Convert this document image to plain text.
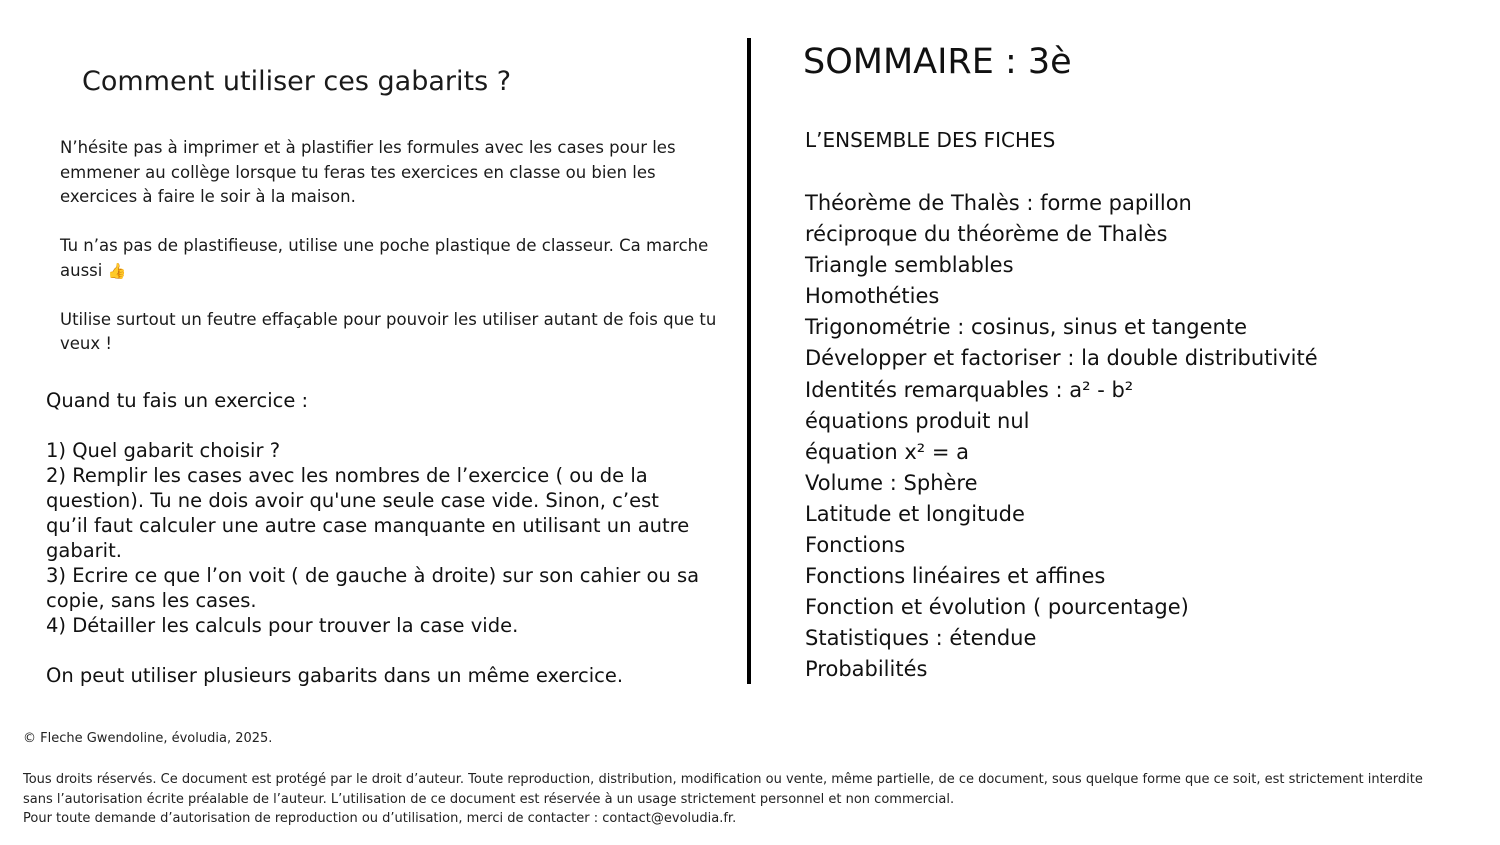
Comment utiliser ces gabarits ?

N’hésite pas à imprimer et à plastifier les formules avec les cases pour les emmener au collège lorsque tu feras tes exercices en classe ou bien les exercices à faire le soir à la maison.

Tu n’as pas de plastifieuse, utilise une poche plastique de classeur. Ca marche aussi 👍

Utilise surtout un feutre effaçable pour pouvoir les utiliser autant de fois que tu veux !

Quand tu fais un exercice :

1) Quel gabarit choisir ?

2) Remplir les cases avec les nombres de l’exercice ( ou de la question). Tu ne dois avoir qu'une seule case vide. Sinon, c’est qu’il faut calculer une autre case manquante en utilisant un autre gabarit.

3) Ecrire ce que l’on voit ( de gauche à droite) sur son cahier ou sa copie, sans les cases.

4) Détailler les calculs pour trouver la case vide.

On peut utiliser plusieurs gabarits dans un même exercice.

SOMMAIRE : 3è
L’ENSEMBLE DES FICHES
Théorème de Thalès : forme papillon
réciproque du théorème de Thalès
Triangle semblables
Homothéties
Trigonométrie : cosinus, sinus et tangente
Développer et factoriser : la double distributivité
Identités remarquables : a² - b²
équations produit nul
équation x² = a
Volume : Sphère
Latitude et longitude
Fonctions
Fonctions linéaires et affines
Fonction et évolution ( pourcentage)
Statistiques : étendue
Probabilités
© Fleche Gwendoline, évoludia, 2025.

Tous droits réservés. Ce document est protégé par le droit d’auteur. Toute reproduction, distribution, modification ou vente, même partielle, de ce document, sous quelque forme que ce soit, est strictement interdite sans l’autorisation écrite préalable de l’auteur. L’utilisation de ce document est réservée à un usage strictement personnel et non commercial.

Pour toute demande d’autorisation de reproduction ou d’utilisation, merci de contacter : contact@evoludia.fr.
